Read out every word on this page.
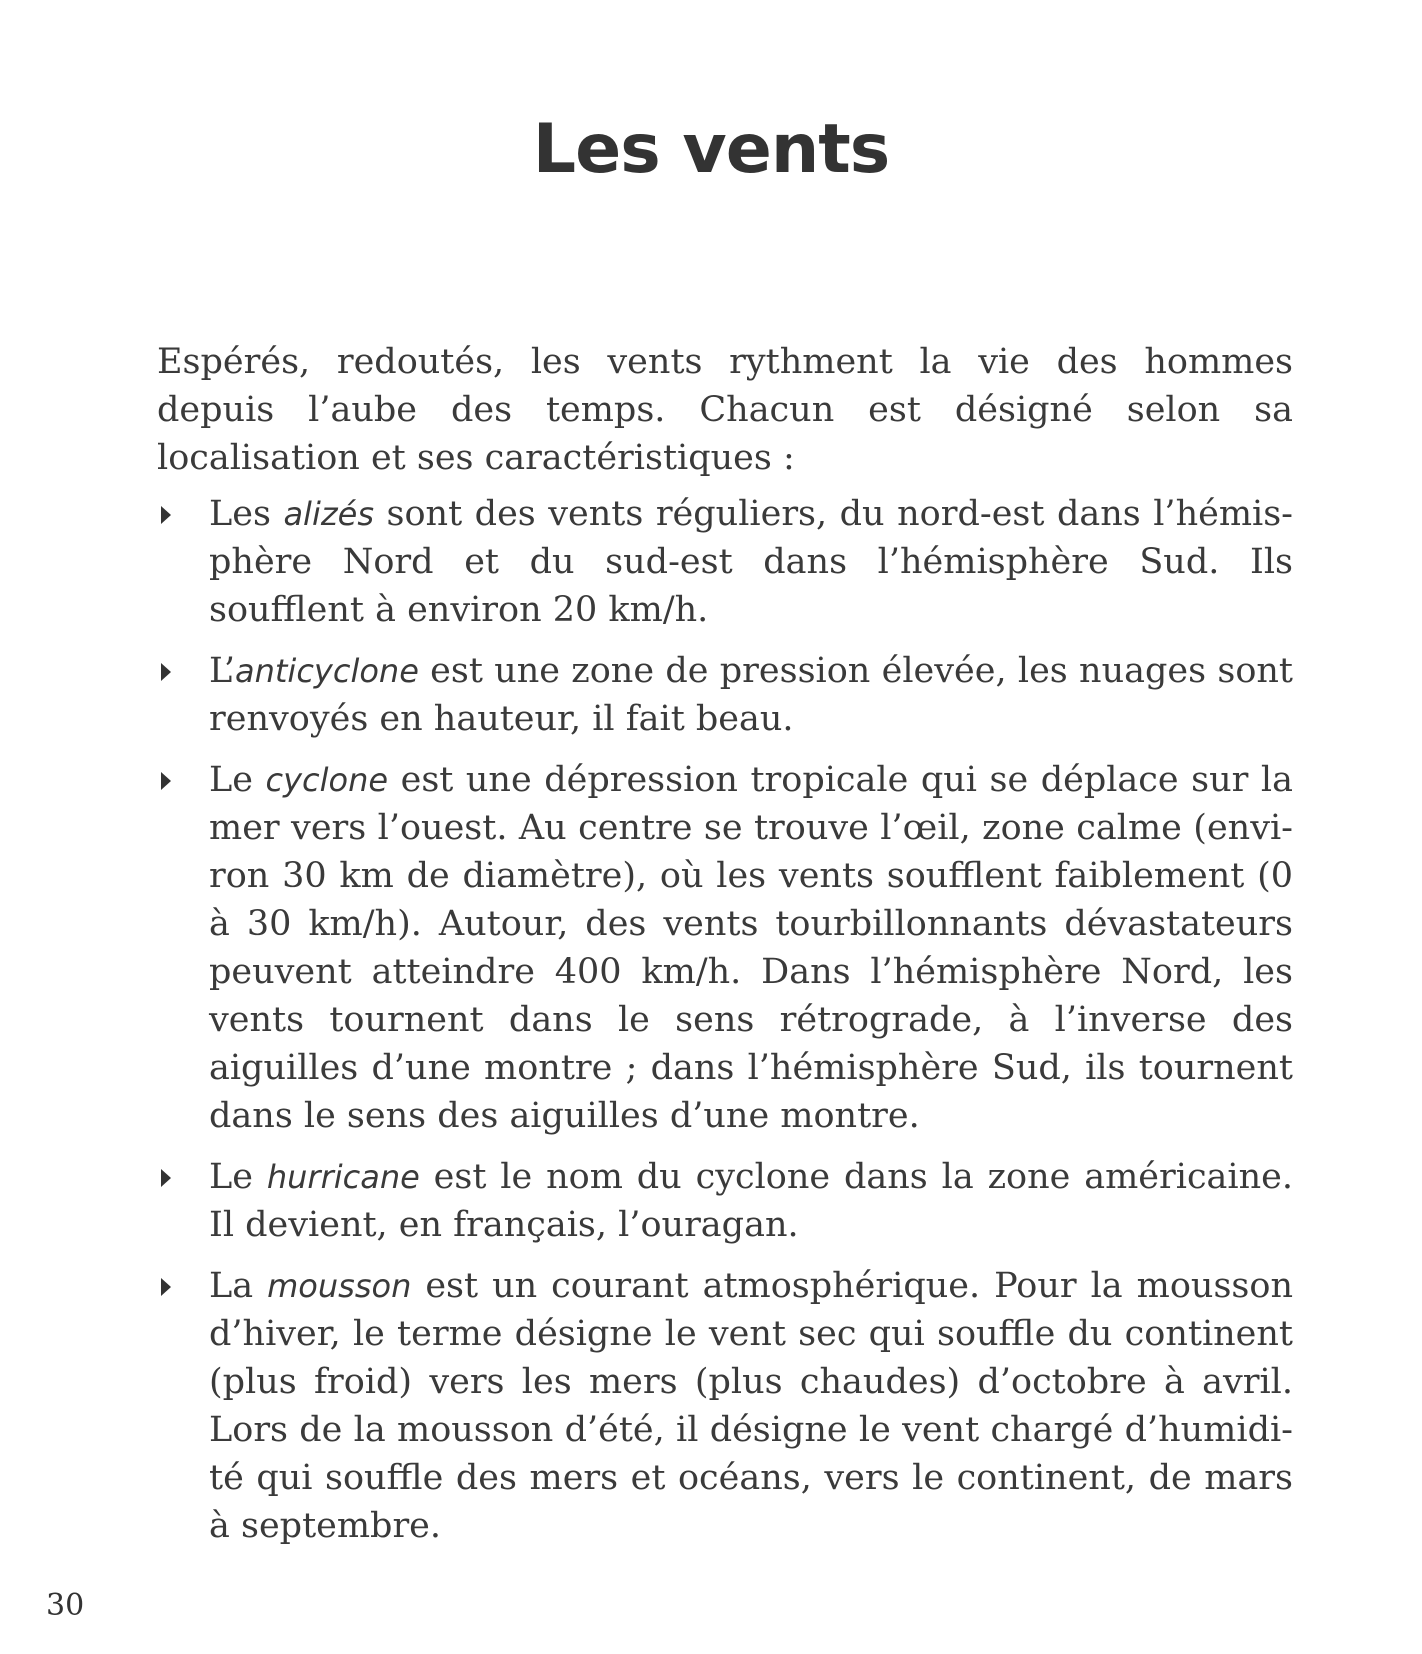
Les vents

Espérés, redoutés, les vents rythment la vie des hommes depuis l’aube des temps. Chacun est désigné selon sa localisation et ses caractéristiques :

Les alizés sont des vents réguliers, du nord-est dans l’hémisphère Nord et du sud-est dans l’hémisphère Sud. Ils soufflent à environ 20 km/h.
L’anticyclone est une zone de pression élevée, les nuages sont renvoyés en hauteur, il fait beau.
Le cyclone est une dépression tropicale qui se déplace sur la mer vers l’ouest. Au centre se trouve l’œil, zone calme (environ 30 km de diamètre), où les vents soufflent faiblement (0 à 30 km/h). Autour, des vents tourbillonnants dévastateurs peuvent atteindre 400 km/h. Dans l’hémisphère Nord, les vents tournent dans le sens rétrograde, à l’inverse des aiguilles d’une montre ; dans l’hémisphère Sud, ils tournent dans le sens des aiguilles d’une montre.
Le hurricane est le nom du cyclone dans la zone américaine. Il devient, en français, l’ouragan.
La mousson est un courant atmosphérique. Pour la mousson d’hiver, le terme désigne le vent sec qui souffle du continent (plus froid) vers les mers (plus chaudes) d’octobre à avril. Lors de la mousson d’été, il désigne le vent chargé d’humidité qui souffle des mers et océans, vers le continent, de mars à septembre.
30
